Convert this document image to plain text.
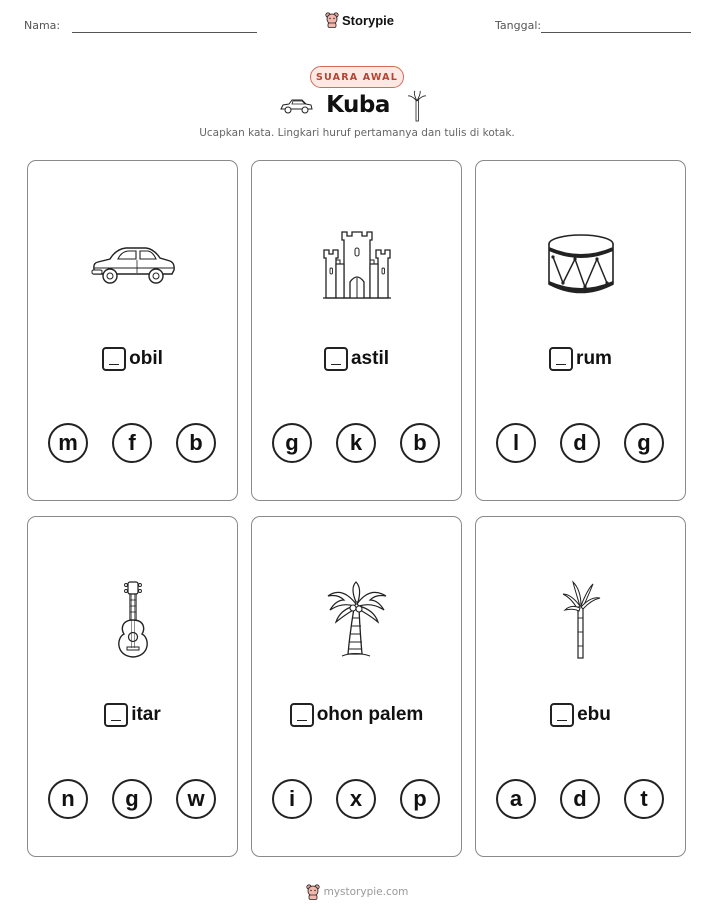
Nama:	Storypie	Tanggal:
SUARA AWAL
Kuba
Ucapkan kata. Lingkari huruf pertamanya dan tulis di kotak.
obil
m	f	b
astil
g	k	b
rum
l	d	g
itar
n	g	w
ohon palem
i	x	p
ebu
a	d	t
mystorypie.com
